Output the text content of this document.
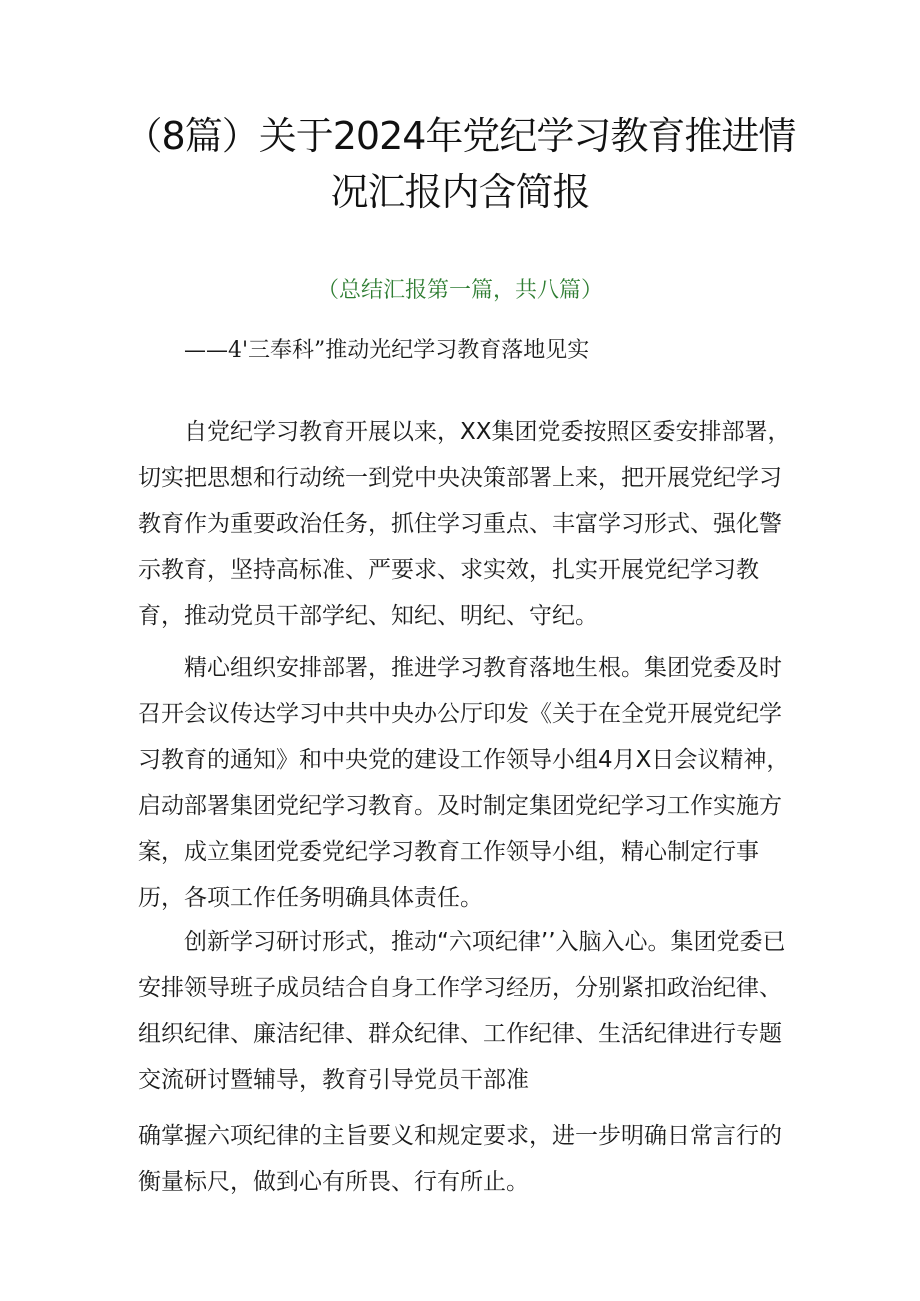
（8篇）关于2024年党纪学习教育推进情
况汇报内含简报
（总结汇报第一篇，共八篇）
——4'三奉科”推动光纪学习教育落地见实

自党纪学习教育开展以来，XX集团党委按照区委安排部署，切实把思想和行动统一到党中央决策部署上来，把开展党纪学习教育作为重要政治任务，抓住学习重点、丰富学习形式、强化警示教育，坚持高标准、严要求、求实效，扎实开展党纪学习教育，推动党员干部学纪、知纪、明纪、守纪。

精心组织安排部署，推进学习教育落地生根。集团党委及时召开会议传达学习中共中央办公厅印发《关于在全党开展党纪学习教育的通知》和中央党的建设工作领导小组4月X日会议精神，启动部署集团党纪学习教育。及时制定集团党纪学习工作实施方案，成立集团党委党纪学习教育工作领导小组，精心制定行事历，各项工作任务明确具体责任。

创新学习研讨形式，推动“六项纪律’’入脑入心。集团党委已安排领导班子成员结合自身工作学习经历，分别紧扣政治纪律、组织纪律、廉洁纪律、群众纪律、工作纪律、生活纪律进行专题交流研讨暨辅导，教育引导党员干部准

确掌握六项纪律的主旨要义和规定要求，进一步明确日常言行的衡量标尺，做到心有所畏、行有所止。
